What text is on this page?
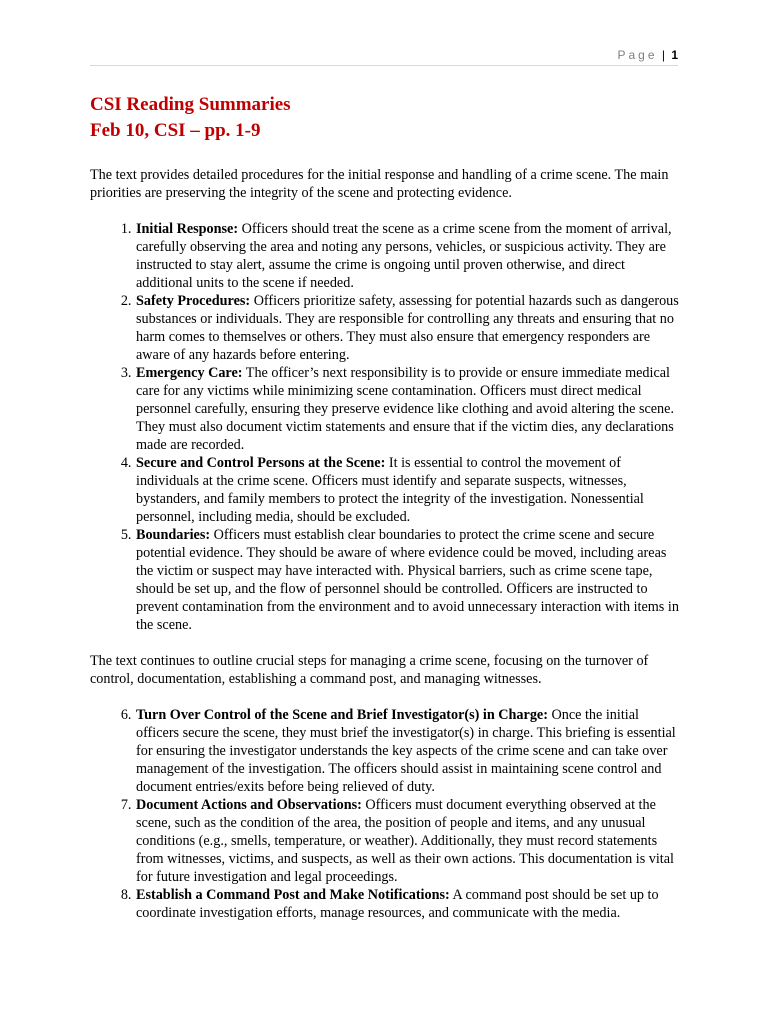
Page | 1
CSI Reading Summaries
Feb 10, CSI – pp. 1-9

The text provides detailed procedures for the initial response and handling of a crime scene. The main priorities are preserving the integrity of the scene and protecting evidence.

1. Initial Response: Officers should treat the scene as a crime scene from the moment of arrival, carefully observing the area and noting any persons, vehicles, or suspicious activity. They are instructed to stay alert, assume the crime is ongoing until proven otherwise, and direct additional units to the scene if needed.
2. Safety Procedures: Officers prioritize safety, assessing for potential hazards such as dangerous substances or individuals. They are responsible for controlling any threats and ensuring that no harm comes to themselves or others. They must also ensure that emergency responders are aware of any hazards before entering.
3. Emergency Care: The officer’s next responsibility is to provide or ensure immediate medical care for any victims while minimizing scene contamination. Officers must direct medical personnel carefully, ensuring they preserve evidence like clothing and avoid altering the scene. They must also document victim statements and ensure that if the victim dies, any declarations made are recorded.
4. Secure and Control Persons at the Scene: It is essential to control the movement of individuals at the crime scene. Officers must identify and separate suspects, witnesses, bystanders, and family members to protect the integrity of the investigation. Nonessential personnel, including media, should be excluded.
5. Boundaries: Officers must establish clear boundaries to protect the crime scene and secure potential evidence. They should be aware of where evidence could be moved, including areas the victim or suspect may have interacted with. Physical barriers, such as crime scene tape, should be set up, and the flow of personnel should be controlled. Officers are instructed to prevent contamination from the environment and to avoid unnecessary interaction with items in the scene.

The text continues to outline crucial steps for managing a crime scene, focusing on the turnover of control, documentation, establishing a command post, and managing witnesses.

6. Turn Over Control of the Scene and Brief Investigator(s) in Charge: Once the initial officers secure the scene, they must brief the investigator(s) in charge. This briefing is essential for ensuring the investigator understands the key aspects of the crime scene and can take over management of the investigation. The officers should assist in maintaining scene control and document entries/exits before being relieved of duty.
7. Document Actions and Observations: Officers must document everything observed at the scene, such as the condition of the area, the position of people and items, and any unusual conditions (e.g., smells, temperature, or weather). Additionally, they must record statements from witnesses, victims, and suspects, as well as their own actions. This documentation is vital for future investigation and legal proceedings.
8. Establish a Command Post and Make Notifications: A command post should be set up to coordinate investigation efforts, manage resources, and communicate with the media.
